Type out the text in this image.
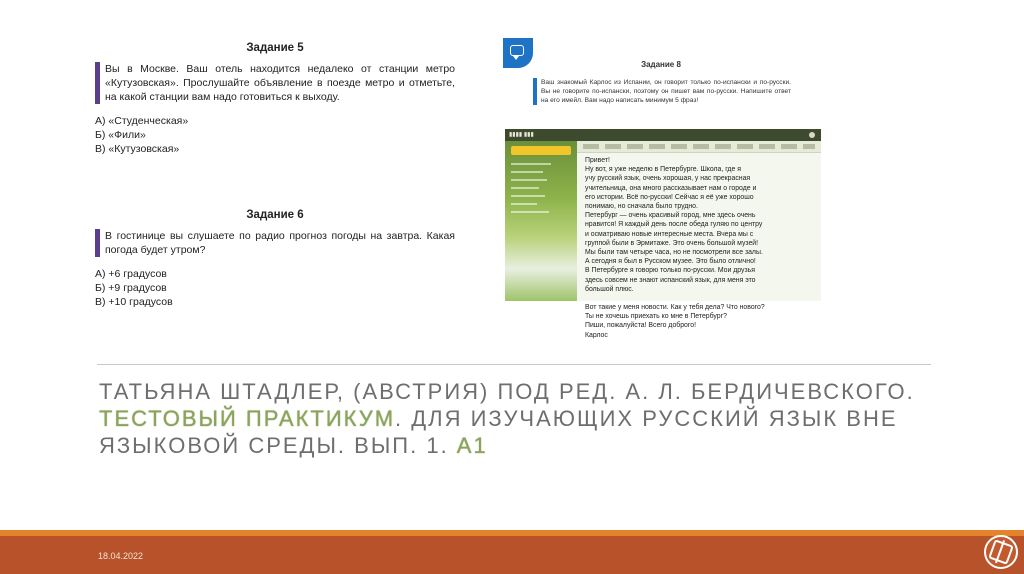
Задание 5
Вы в Москве. Ваш отель находится недалеко от станции метро «Кутузовская». Прослушайте объявление в поезде метро и отметьте, на какой станции вам надо готовиться к выходу.
А) «Студенческая»
Б) «Фили»
В) «Кутузовская»
Задание 6
В гостинице вы слушаете по радио прогноз погоды на завтра. Какая погода будет утром?
А) +6 градусов
Б) +9 градусов
В) +10 градусов
Задание 8
Ваш знакомый Карлос из Испании, он говорит только по-испански и по-русски. Вы не говорите по-испански, поэтому он пишет вам по-русски. Напишите ответ на его имейл. Вам надо написать минимум 5 фраз!
▮▮▮▮ ▮▮▮
Привет!
Ну вот, я уже неделю в Петербурге. Школа, где я
учу русский язык, очень хорошая, у нас прекрасная
учительница, она много рассказывает нам о городе и
его истории. Всё по-русски! Сейчас я её уже хорошо
понимаю, но сначала было трудно.
Петербург — очень красивый город, мне здесь очень
нравится! Я каждый день после обеда гуляю по центру
и осматриваю новые интересные места. Вчера мы с
группой были в Эрмитаже. Это очень большой музей!
Мы были там четыре часа, но не посмотрели все залы.
А сегодня я был в Русском музее. Это было отлично!
В Петербурге я говорю только по-русски. Мои друзья
здесь совсем не знают испанский язык, для меня это
большой плюс.
Вот такие у меня новости. Как у тебя дела? Что нового?
Ты не хочешь приехать ко мне в Петербург?
Пиши, пожалуйста! Всего доброго!
Карлос
ТАТЬЯНА ШТАДЛЕР, (АВСТРИЯ) ПОД РЕД. А. Л. БЕРДИЧЕВСКОГО. ТЕСТОВЫЙ ПРАКТИКУМ. ДЛЯ ИЗУЧАЮЩИХ РУССКИЙ ЯЗЫК ВНЕ ЯЗЫКОВОЙ СРЕДЫ. ВЫП. 1. А1
18.04.2022
